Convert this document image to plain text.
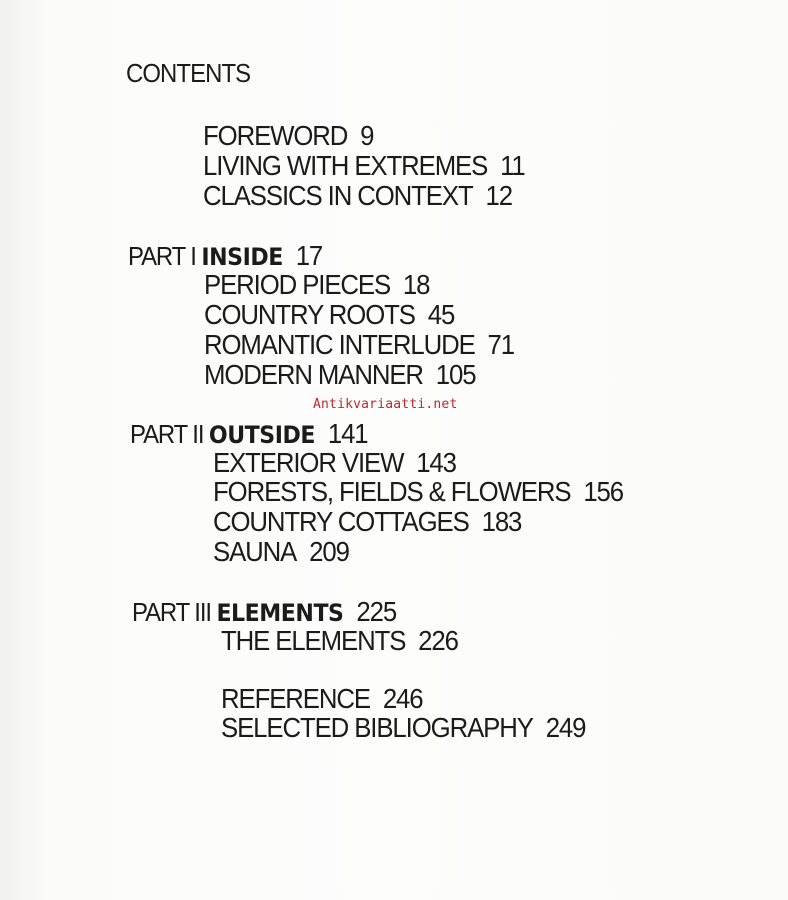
CONTENTS
FOREWORD 9
LIVING WITH EXTREMES 11
CLASSICS IN CONTEXT 12
PART I INSIDE 17
PERIOD PIECES 18
COUNTRY ROOTS 45
ROMANTIC INTERLUDE 71
MODERN MANNER 105
Antikvariaatti.net
PART II OUTSIDE 141
EXTERIOR VIEW 143
FORESTS, FIELDS & FLOWERS 156
COUNTRY COTTAGES 183
SAUNA 209
PART III ELEMENTS 225
THE ELEMENTS 226
REFERENCE 246
SELECTED BIBLIOGRAPHY 249
